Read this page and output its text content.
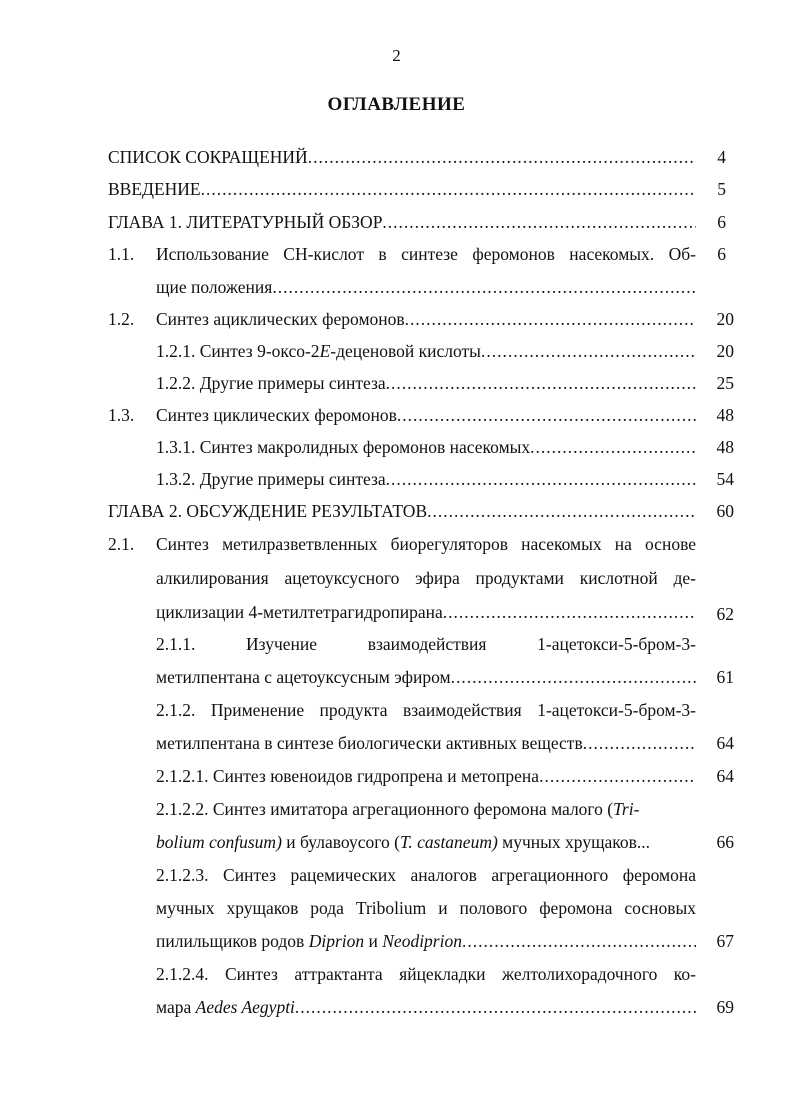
2
ОГЛАВЛЕНИЕ
СПИСОК СОКРАЩЕНИЙ .....	4
ВВЕДЕНИЕ .....	5
ГЛАВА 1. ЛИТЕРАТУРНЫЙ ОБЗОР .....	6
1.1. Использование СН-кислот в синтезе феромонов насекомых. Об-	6
щие положения
.....
1.2. Синтез ациклических феромонов .....	20
1.2.1. Синтез 9-оксо-2E-деценовой кислоты .....	20
1.2.2. Другие примеры синтеза .....	25
1.3. Синтез циклических феромонов .....	48
1.3.1. Синтез макролидных феромонов насекомых .....	48
1.3.2. Другие примеры синтеза .....	54
ГЛАВА 2. ОБСУЖДЕНИЕ РЕЗУЛЬТАТОВ .....	60
2.1. Синтез метилразветвленных биорегуляторов насекомых на основе
алкилирования ацетоуксусного эфира продуктами кислотной де-
циклизации 4-метилтетрагидропирана .....	62
2.1.1.	Изучение	взаимодействия	1-ацетокси-5-бром-3-
метилпентана с ацетоуксусным эфиром .....	61
2.1.2. Применение продукта взаимодействия 1-ацетокси-5-бром-3-
метилпентана в синтезе биологически активных веществ .....	64
2.1.2.1. Синтез ювеноидов гидропрена и метопрена .....	64
2.1.2.2. Синтез имитатора агрегационного феромона малого (Tri-
bolium confusum) и булавоусого (T. castaneum) мучных хрущаков...	66
2.1.2.3. Синтез рацемических аналогов агрегационного феромона
мучных хрущаков рода Tribolium и полового феромона сосновых
пилильщиков родов Diprion и Neodiprion .....	67
2.1.2.4. Синтез аттрактанта яйцекладки желтолихорадочного ко-
мара Aedes Aegypti .....	69
